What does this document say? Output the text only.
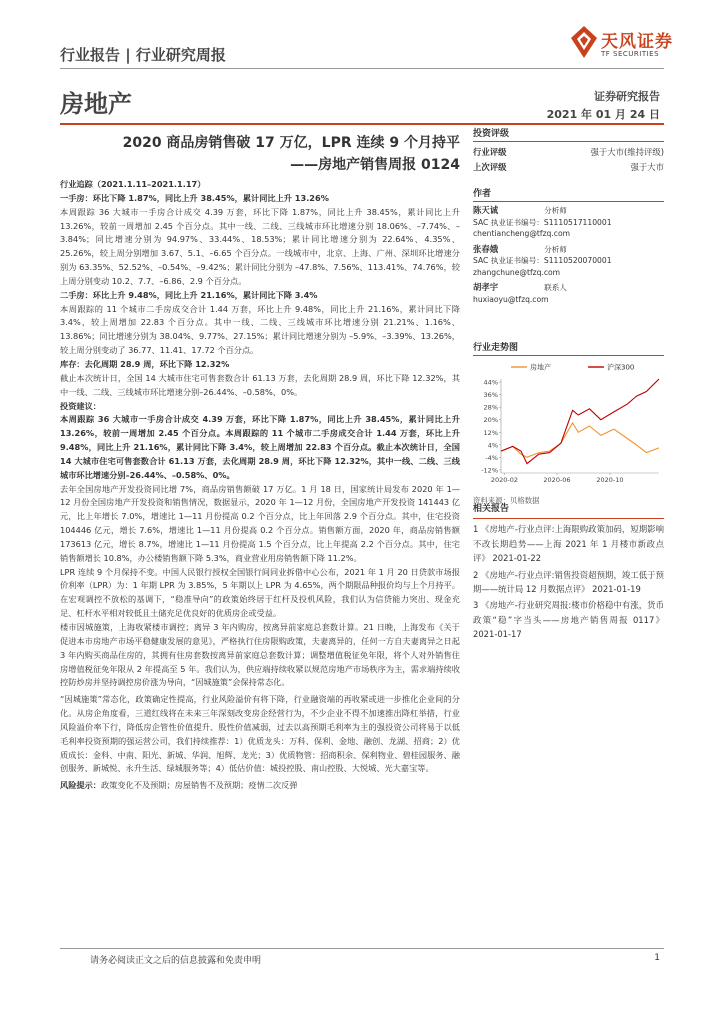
行业报告 | 行业研究周报
天风证券
TF SECURITIES
房地产	证券研究报告
2021 年 01 月 24 日
2020 商品房销售破 17 万亿，LPR 连续 9 个月持平
——房地产销售周报 0124

行业追踪（2021.1.11–2021.1.17）

一手房：环比下降 1.87%，同比上升 38.45%，累计同比上升 13.26%

本周跟踪 36 大城市一手房合计成交 4.39 万套，环比下降 1.87%，同比上升 38.45%，累计同比上升 13.26%，较前一周增加 2.45 个百分点。其中一线、二线、三线城市环比增速分别 18.06%、–7.74%、–3.84%；同比增速分别为 94.97%、33.44%、18.53%；累计同比增速分别为 22.64%、4.35%、25.26%，较上周分别增加 3.67、5.1、–6.65 个百分点。一线城市中，北京、上海、广州、深圳环比增速分别为 63.35%、52.52%、–0.54%、–9.42%；累计同比分别为 –47.8%、7.56%、113.41%、74.76%，较上周分别变动 10.2、7.7、–6.86、2.9 个百分点。

二手房：环比上升 9.48%，同比上升 21.16%，累计同比下降 3.4%

本周跟踪的 11 个城市二手房成交合计 1.44 万套，环比上升 9.48%，同比上升 21.16%，累计同比下降 3.4%，较上周增加 22.83 个百分点。其中一线、二线、三线城市环比增速分别 21.21%、1.16%、13.86%；同比增速分别为 38.04%、9.77%、27.15%；累计同比增速分别为 –5.9%、–3.39%、13.26%，较上周分别变动了 36.77、11.41、17.72 个百分点。

库存：去化周期 28.9 周，环比下降 12.32%

截止本次统计日，全国 14 大城市住宅可售套数合计 61.13 万套，去化周期 28.9 周，环比下降 12.32%，其中一线、二线、三线城市环比增速分别–26.44%、–0.58%、0%。

投资建议：

本周跟踪 36 大城市一手房合计成交 4.39 万套，环比下降 1.87%，同比上升 38.45%，累计同比上升 13.26%，较前一周增加 2.45 个百分点。本周跟踪的 11 个城市二手房成交合计 1.44 万套，环比上升 9.48%，同比上升 21.16%，累计同比下降 3.4%，较上周增加 22.83 个百分点。截止本次统计日，全国 14 大城市住宅可售套数合计 61.13 万套，去化周期 28.9 周，环比下降 12.32%，其中一线、二线、三线城市环比增速分别–26.44%、–0.58%、0%。

去年全国房地产开发投资同比增 7%，商品房销售额破 17 万亿。1 月 18 日，国家统计局发布 2020 年 1—12 月份全国房地产开发投资和销售情况，数据显示，2020 年 1—12 月份，全国房地产开发投资 141443 亿元，比上年增长 7.0%，增速比 1—11 月份提高 0.2 个百分点，比上年回落 2.9 个百分点。其中，住宅投资 104446 亿元，增长 7.6%，增速比 1—11 月份提高 0.2 个百分点。销售额方面，2020 年，商品房销售额 173613 亿元，增长 8.7%，增速比 1—11 月份提高 1.5 个百分点，比上年提高 2.2 个百分点。其中，住宅销售额增长 10.8%，办公楼销售额下降 5.3%，商业营业用房销售额下降 11.2%。

LPR 连续 9 个月保持不变。中国人民银行授权全国银行间同业拆借中心公布，2021 年 1 月 20 日贷款市场报价利率（LPR）为：1 年期 LPR 为 3.85%，5 年期以上 LPR 为 4.65%，两个期限品种报价均与上个月持平。在宏观调控不放松的基调下，“稳准导向”的政策始终居于红杆及投机风险，我们认为信贷能力突出、现金充足、杠杆水平相对较低且土储充足优良好的优质房企或受益。

楼市因城施策，上海收紧楼市调控；离异 3 年内购房，按离异前家庭总套数计算。21 日晚，上海发布《关于促进本市房地产市场平稳健康发展的意见》，严格执行住房限购政策，夫妻离异的，任何一方自夫妻离异之日起 3 年内购买商品住房的，其拥有住房套数按离异前家庭总套数计算；调整增值税征免年限，将个人对外销售住房增值税征免年限从 2 年提高至 5 年。我们认为，供应端持续收紧以规范房地产市场秩序为主，需求端持续收控防炒房并坚持调控房价涨为导向，“因城施策”会保持常态化。

“因城施策”常态化，政策确定性提高，行业风险溢价有将下降，行业融资端的再收紧或进一步推化企业间的分化。从房企角度看，三道红线将在未来三年深刻改变房企经营行为，不少企业不得不加速推出降杠举措，行业风险溢价率下行，降低房企管性价值提升、股性价值减弱，过去以高预期毛利率为主的强投资公司将易于以低毛利率投资预期的强运营公司，我们持续推荐：1）优质龙头：万科、保利、金地、融创、龙湖、招商；2）优质成长：金科、中南、阳光、新城、华润、旭辉、龙光；3）优质物管：招商积余、保利物业、碧桂园服务、融创服务、新城悦、永升生活、绿城服务等；4）低估价值：城投控股、南山控股、大悦城、光大嘉宝等。

风险提示：政策变化不及预期；房屋销售不及预期；疫情二次反弹

投资评级
行业评级	强于大市(维持评级)
上次评级	强于大市
作者
陈天诚	分析师
SAC 执业证书编号：S1110517110001
chentiancheng@tfzq.com
张春娥	分析师
SAC 执业证书编号：S1110520070001
zhangchune@tfzq.com
胡孝宇	联系人
huxiaoyu@tfzq.com
行业走势图
-12%
-4%
4%
12%
20%
28%
36%
44%
2020-02	2020-06	2020-10
房地产	沪深300
资料来源：贝格数据
相关报告
1 《房地产-行业点评:上海限购政策加码，短期影响不改长期趋势——上海 2021 年 1 月楼市新政点评》 2021-01-22
2 《房地产-行业点评:销售投资超预期，竣工低于预期——统计局 12 月数据点评》 2021-01-19
3 《房地产-行业研究周报:楼市价格稳中有涨，货币政策“稳”字当头——房地产销售周报 0117》 2021-01-17
请务必阅读正文之后的信息披露和免责申明	1
